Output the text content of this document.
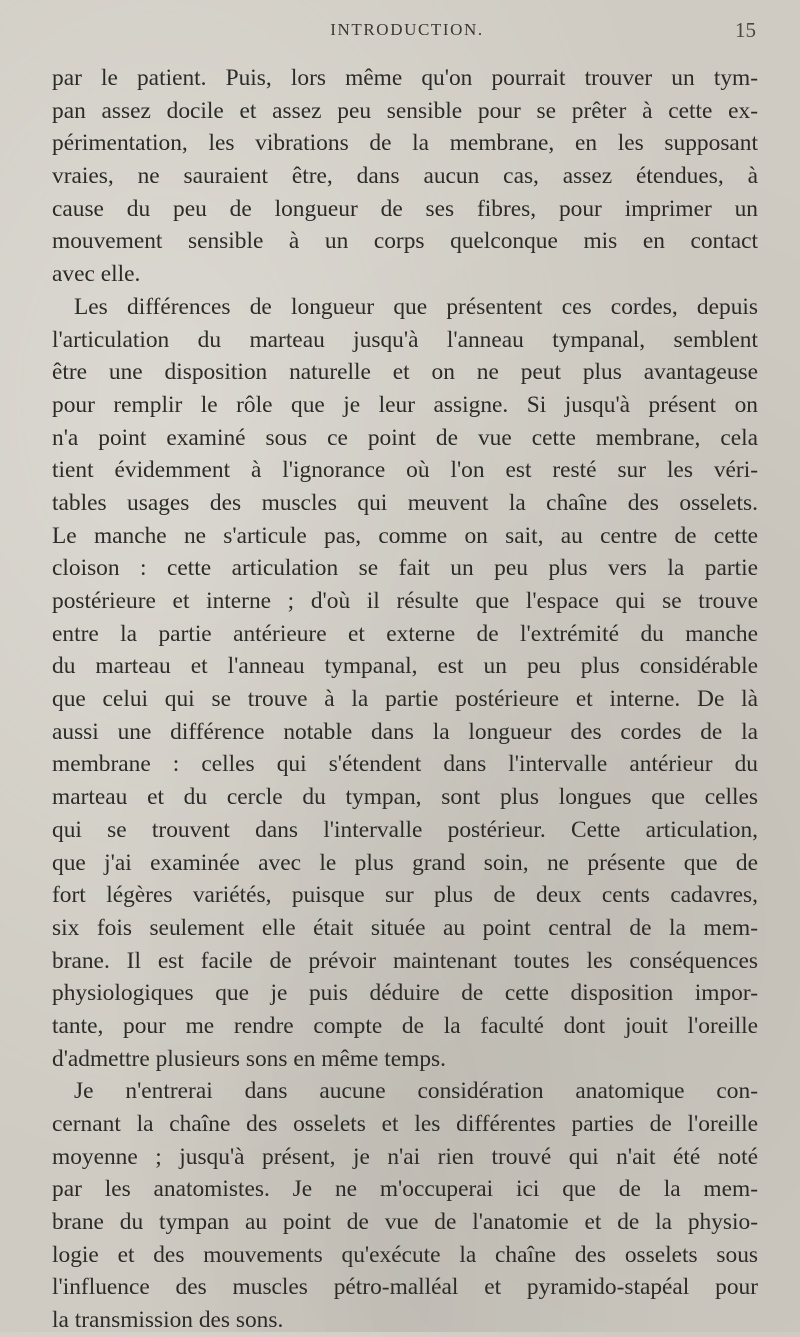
INTRODUCTION.	15
par le patient. Puis, lors même qu'on pourrait trouver un tym-
pan assez docile et assez peu sensible pour se prêter à cette ex-
périmentation, les vibrations de la membrane, en les supposant
vraies, ne sauraient être, dans aucun cas, assez étendues, à
cause du peu de longueur de ses fibres, pour imprimer un
mouvement sensible à un corps quelconque mis en contact
avec elle.
Les différences de longueur que présentent ces cordes, depuis
l'articulation du marteau jusqu'à l'anneau tympanal, semblent
être une disposition naturelle et on ne peut plus avantageuse
pour remplir le rôle que je leur assigne. Si jusqu'à présent on
n'a point examiné sous ce point de vue cette membrane, cela
tient évidemment à l'ignorance où l'on est resté sur les véri-
tables usages des muscles qui meuvent la chaîne des osselets.
Le manche ne s'articule pas, comme on sait, au centre de cette
cloison : cette articulation se fait un peu plus vers la partie
postérieure et interne ; d'où il résulte que l'espace qui se trouve
entre la partie antérieure et externe de l'extrémité du manche
du marteau et l'anneau tympanal, est un peu plus considérable
que celui qui se trouve à la partie postérieure et interne. De là
aussi une différence notable dans la longueur des cordes de la
membrane : celles qui s'étendent dans l'intervalle antérieur du
marteau et du cercle du tympan, sont plus longues que celles
qui se trouvent dans l'intervalle postérieur. Cette articulation,
que j'ai examinée avec le plus grand soin, ne présente que de
fort légères variétés, puisque sur plus de deux cents cadavres,
six fois seulement elle était située au point central de la mem-
brane. Il est facile de prévoir maintenant toutes les conséquences
physiologiques que je puis déduire de cette disposition impor-
tante, pour me rendre compte de la faculté dont jouit l'oreille
d'admettre plusieurs sons en même temps.
Je n'entrerai dans aucune considération anatomique con-
cernant la chaîne des osselets et les différentes parties de l'oreille
moyenne ; jusqu'à présent, je n'ai rien trouvé qui n'ait été noté
par les anatomistes. Je ne m'occuperai ici que de la mem-
brane du tympan au point de vue de l'anatomie et de la physio-
logie et des mouvements qu'exécute la chaîne des osselets sous
l'influence des muscles pétro-malléal et pyramido-stapéal pour
la transmission des sons.
